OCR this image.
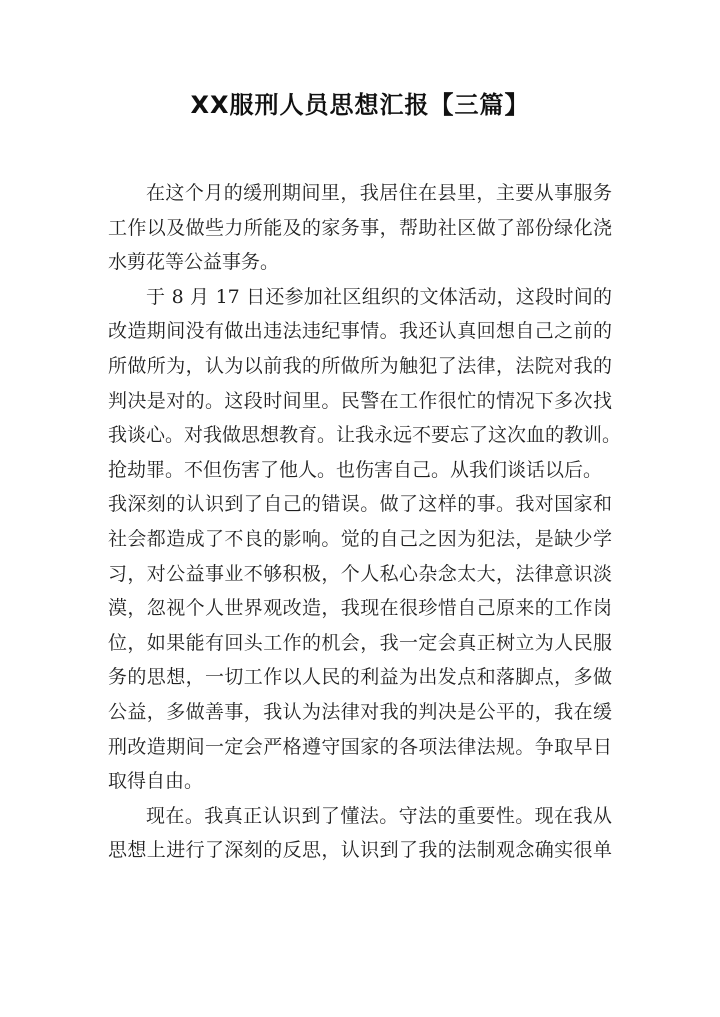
XX服刑人员思想汇报【三篇】

在这个月的缓刑期间里，我居住在县里，主要从事服务
工作以及做些力所能及的家务事，帮助社区做了部份绿化浇
水剪花等公益事务。

于 8 月 17 日还参加社区组织的文体活动，这段时间的
改造期间没有做出违法违纪事情。我还认真回想自己之前的
所做所为，认为以前我的所做所为触犯了法律，法院对我的
判决是对的。这段时间里。民警在工作很忙的情况下多次找
我谈心。对我做思想教育。让我永远不要忘了这次血的教训。
抢劫罪。不但伤害了他人。也伤害自己。从我们谈话以后。
我深刻的认识到了自己的错误。做了这样的事。我对国家和
社会都造成了不良的影响。觉的自己之因为犯法，是缺少学
习，对公益事业不够积极，个人私心杂念太大，法律意识淡
漠，忽视个人世界观改造，我现在很珍惜自己原来的工作岗
位，如果能有回头工作的机会，我一定会真正树立为人民服
务的思想，一切工作以人民的利益为出发点和落脚点，多做
公益，多做善事，我认为法律对我的判决是公平的，我在缓
刑改造期间一定会严格遵守国家的各项法律法规。争取早日
取得自由。

现在。我真正认识到了懂法。守法的重要性。现在我从
思想上进行了深刻的反思，认识到了我的法制观念确实很单
